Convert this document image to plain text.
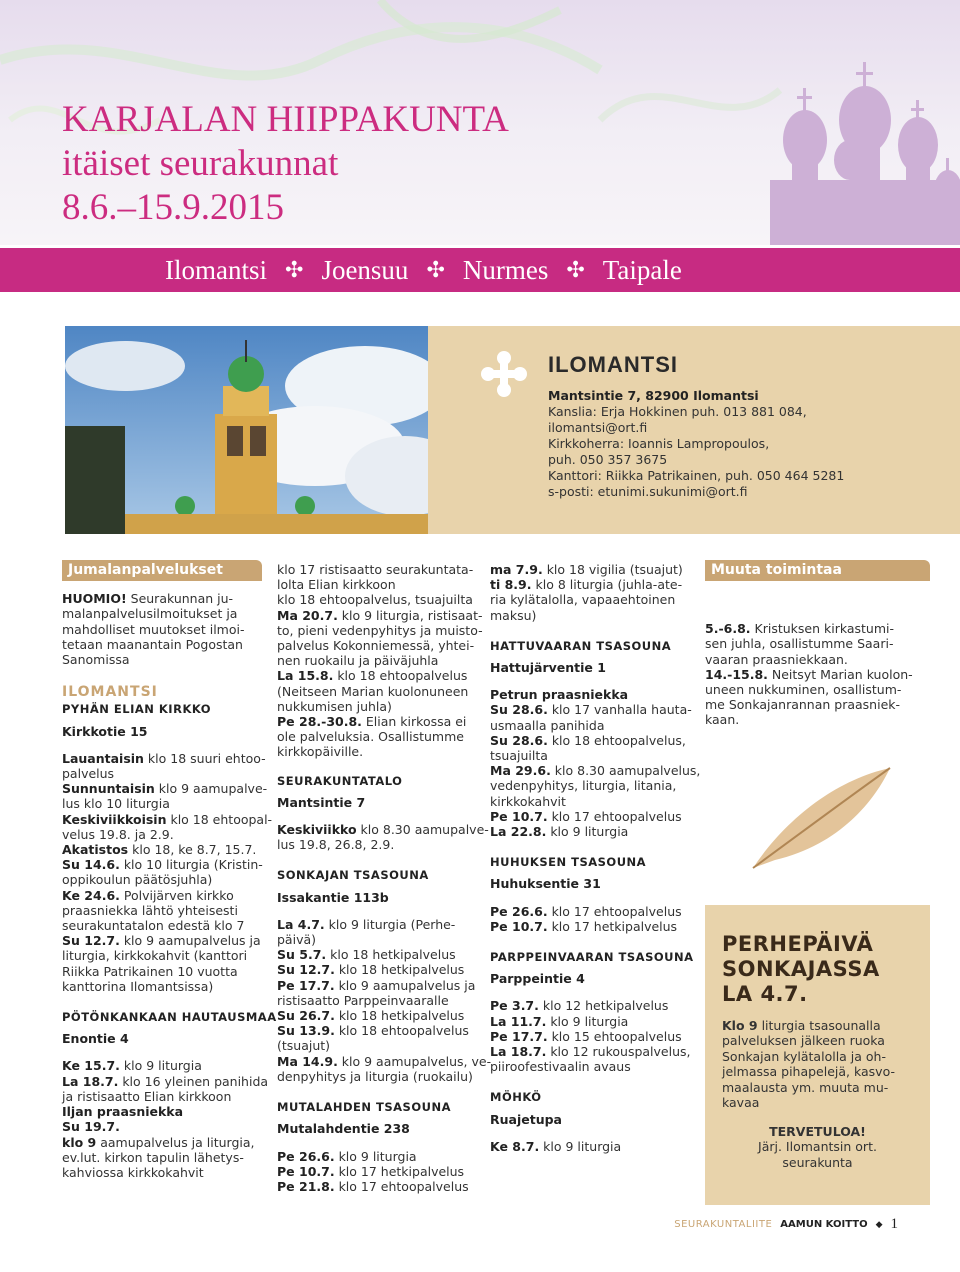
KARJALAN HIIPPAKUNTA
itäiset seurakunnat
8.6.–15.9.2015
Ilomantsi ✣ Joensuu ✣ Nurmes ✣ Taipale
ILOMANTSI
Mantsintie 7, 82900 Ilomantsi
Kanslia: Erja Hokkinen puh. 013 881 084,
ilomantsi@ort.fi
Kirkkoherra: Ioannis Lampropoulos,
puh. 050 357 3675
Kanttori: Riikka Patrikainen, puh. 050 464 5281
s-posti: etunimi.sukunimi@ort.fi
Jumalanpalvelukset
HUOMIO! Seurakunnan ju-
malanpalvelusilmoitukset ja
mahdolliset muutokset ilmoi-
tetaan maanantain Pogostan
Sanomissa
ILOMANTSI
PYHÄN ELIAN KIRKKO
Kirkkotie 15
Lauantaisin klo 18 suuri ehtoo-
palvelus
Sunnuntaisin klo 9 aamupalve-
lus klo 10 liturgia
Keskiviikkoisin klo 18 ehtoopal-
velus 19.8. ja 2.9.
Akatistos klo 18, ke 8.7, 15.7.
Su 14.6. klo 10 liturgia (Kristin-
oppikoulun päätösjuhla)
Ke 24.6. Polvijärven kirkko
praasniekka lähtö yhteisesti
seurakuntatalon edestä klo 7
Su 12.7. klo 9 aamupalvelus ja
liturgia, kirkkokahvit (kanttori
Riikka Patrikainen 10 vuotta
kanttorina Ilomantsissa)
PÖTÖNKANKAAN HAUTAUSMAA
Enontie 4
Ke 15.7. klo 9 liturgia
La 18.7. klo 16 yleinen panihida
ja ristisaatto Elian kirkkoon
Iljan praasniekka
Su 19.7.
klo 9 aamupalvelus ja liturgia,
ev.lut. kirkon tapulin lähetys-
kahviossa kirkkokahvit
klo 17 ristisaatto seurakuntata-
lolta Elian kirkkoon
klo 18 ehtoopalvelus, tsuajuilta
Ma 20.7. klo 9 liturgia, ristisaat-
to, pieni vedenpyhitys ja muisto-
palvelus Kokonniemessä, yhtei-
nen ruokailu ja päiväjuhla
La 15.8. klo 18 ehtoopalvelus
(Neitseen Marian kuolonuneen
nukkumisen juhla)
Pe 28.-30.8. Elian kirkossa ei
ole palveluksia. Osallistumme
kirkkopäiville.
SEURAKUNTATALO
Mantsintie 7
Keskiviikko klo 8.30 aamupalve-
lus 19.8, 26.8, 2.9.
SONKAJAN TSASOUNA
Issakantie 113b
La 4.7. klo 9 liturgia (Perhe-
päivä)
Su 5.7. klo 18 hetkipalvelus
Su 12.7. klo 18 hetkipalvelus
Pe 17.7. klo 9 aamupalvelus ja
ristisaatto Parppeinvaaralle
Su 26.7. klo 18 hetkipalvelus
Su 13.9. klo 18 ehtoopalvelus
(tsuajut)
Ma 14.9. klo 9 aamupalvelus, ve-
denpyhitys ja liturgia (ruokailu)
MUTALAHDEN TSASOUNA
Mutalahdentie 238
Pe 26.6. klo 9 liturgia
Pe 10.7. klo 17 hetkipalvelus
Pe 21.8. klo 17 ehtoopalvelus
ma 7.9. klo 18 vigilia (tsuajut)
ti 8.9. klo 8 liturgia (juhla-ate-
ria kylätalolla, vapaaehtoinen
maksu)
HATTUVAARAN TSASOUNA
Hattujärventie 1
Petrun praasniekka
Su 28.6. klo 17 vanhalla hauta-
usmaalla panihida
Su 28.6. klo 18 ehtoopalvelus,
tsuajuilta
Ma 29.6. klo 8.30 aamupalvelus,
vedenpyhitys, liturgia, litania,
kirkkokahvit
Pe 10.7. klo 17 ehtoopalvelus
La 22.8. klo 9 liturgia
HUHUKSEN TSASOUNA
Huhuksentie 31
Pe 26.6. klo 17 ehtoopalvelus
Pe 10.7. klo 17 hetkipalvelus
PARPPEINVAARAN TSASOUNA
Parppeintie 4
Pe 3.7. klo 12 hetkipalvelus
La 11.7. klo 9 liturgia
Pe 17.7. klo 15 ehtoopalvelus
La 18.7. klo 12 rukouspalvelus,
piiroofestivaalin avaus
MÖHKÖ
Ruajetupa
Ke 8.7. klo 9 liturgia
Muuta toimintaa
5.-6.8. Kristuksen kirkastumi-
sen juhla, osallistumme Saari-
vaaran praasniekkaan.
14.-15.8. Neitsyt Marian kuolon-
uneen nukkuminen, osallistum-
me Sonkajanrannan praasniek-
kaan.
PERHEPÄIVÄ
SONKAJASSA
LA 4.7.
Klo 9 liturgia tsasounalla
palveluksen jälkeen ruoka
Sonkajan kylätalolla ja oh-
jelmassa pihapelejä, kasvo-
maalausta ym. muuta mu-
kavaa
TERVETULOA!
Järj. Ilomantsin ort.
seurakunta
SEURAKUNTALIITE AAMUN KOITTO ◆ 1
